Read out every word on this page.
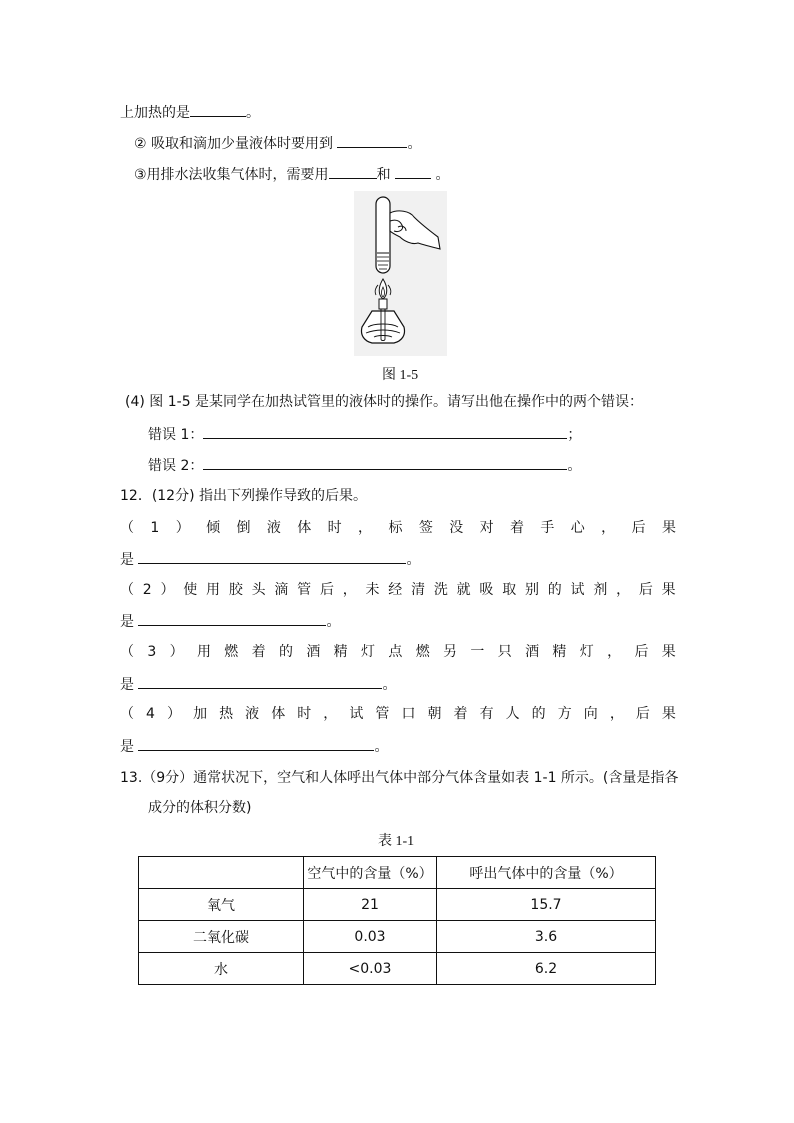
上加热的是	。
② 吸取和滴加少量液体时要用到	。
③用排水法收集气体时，需要用	和	。
图 1-5
(4) 图 1-5 是某同学在加热试管里的液体时的操作。请写出他在操作中的两个错误：
错误 1：	；
错误 2：	。
12．(12分) 指出下列操作导致的后果。
（ 1 ） 倾 倒 液 体 时 ， 标 签 没 对 着 手 心 ， 后 果
是	。
（ 2 ） 使 用 胶 头 滴 管 后 ， 未 经 清 洗 就 吸 取 别 的 试 剂 ， 后 果
是	。
（ 3 ） 用 燃 着 的 酒 精 灯 点 燃 另 一 只 酒 精 灯 ， 后 果
是	。
（ 4 ） 加 热 液 体 时 ， 试 管 口 朝 着 有 人 的 方 向 ， 后 果
是	。
13.（9分）通常状况下，空气和人体呼出气体中部分气体含量如表 1-1 所示。(含量是指各
成分的体积分数)
表 1-1
	空气中的含量（%）	呼出气体中的含量（%）
氧气	21	15.7
二氧化碳	0.03	3.6
水	<0.03	6.2
